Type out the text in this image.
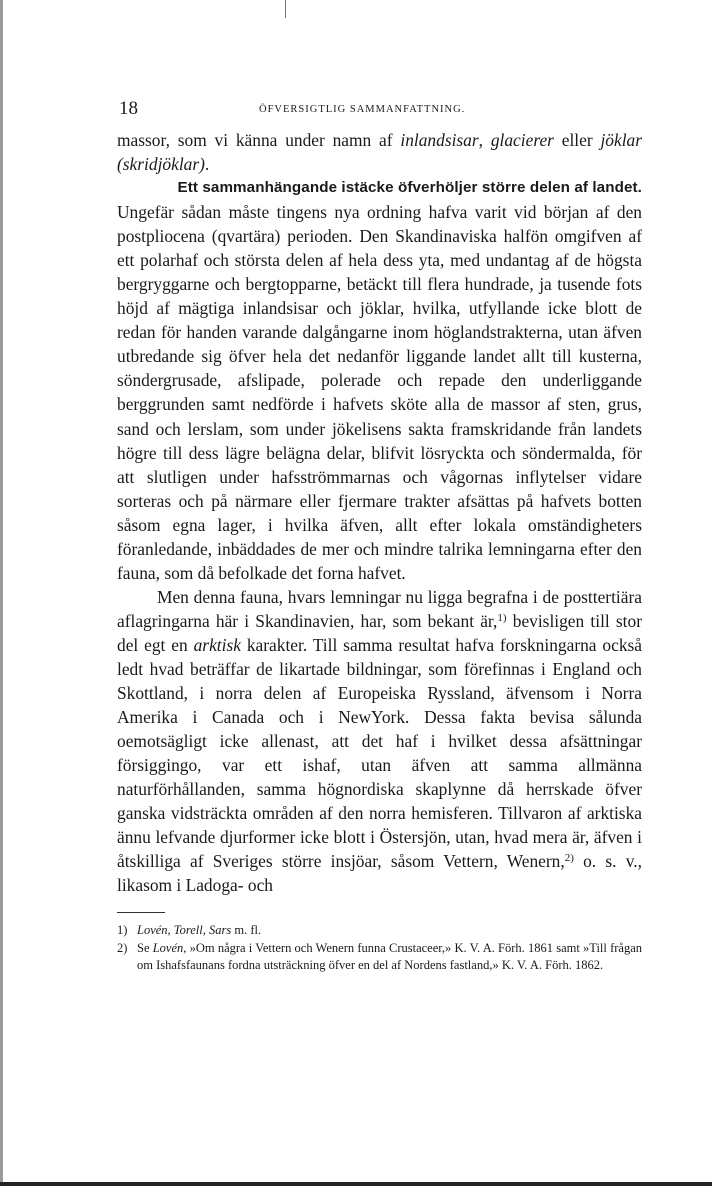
18	ÖFVERSIGTLIG SAMMANFATTNING.

massor, som vi känna under namn af inlandsisar, glacierer eller jöklar (skridjöklar).

Ett sammanhängande istäcke öfverhöljer större delen af landet.

Ungefär sådan måste tingens nya ordning hafva varit vid början af den postpliocena (qvartära) perioden. Den Skandinaviska halfön omgifven af ett polarhaf och största delen af hela dess yta, med undantag af de högsta bergryggarne och bergtopparne, betäckt till flera hundrade, ja tusende fots höjd af mägtiga inlandsisar och jöklar, hvilka, utfyllande icke blott de redan för handen varande dalgångarne inom höglandstrakterna, utan äfven utbredande sig öfver hela det nedanför liggande landet allt till kusterna, söndergrusade, afslipade, polerade och repade den underliggande berggrunden samt nedförde i hafvets sköte alla de massor af sten, grus, sand och lerslam, som under jökelisens sakta framskridande från landets högre till dess lägre belägna delar, blifvit lösryckta och söndermalda, för att slutligen under hafsströmmarnas och vågornas inflytelser vidare sorteras och på närmare eller fjermare trakter afsättas på hafvets botten såsom egna lager, i hvilka äfven, allt efter lokala omständigheters föranledande, inbäddades de mer och mindre talrika lemningarna efter den fauna, som då befolkade det forna hafvet.

Men denna fauna, hvars lemningar nu ligga begrafna i de posttertiära aflagringarna här i Skandinavien, har, som bekant är,$^{1)}$ bevisligen till stor del egt en arktisk karakter. Till samma resultat hafva forskningarna också ledt hvad beträffar de likartade bildningar, som förefinnas i England och Skottland, i norra delen af Europeiska Ryssland, äfvensom i Norra Amerika i Canada och i NewYork. Dessa fakta bevisa sålunda oemotsägligt icke allenast, att det haf i hvilket dessa afsättningar försiggingo, var ett ishaf, utan äfven att samma allmänna naturförhållanden, samma högnordiska skaplynne då herrskade öfver ganska vidsträckta områden af den norra hemisferen. Tillvaron af arktiska ännu lefvande djurformer icke blott i Östersjön, utan, hvad mera är, äfven i åtskilliga af Sveriges större insjöar, såsom Vettern, Wenern,$^{2)}$ o. s. v., likasom i Ladoga- och

1) Lovén, Torell, Sars m. fl.

2) Se Lovén, »Om några i Vettern och Wenern funna Crustaceer,» K. V. A. Förh. 1861 samt »Till frågan om Ishafsfaunans fordna utsträckning öfver en del af Nordens fastland,» K. V. A. Förh. 1862.
